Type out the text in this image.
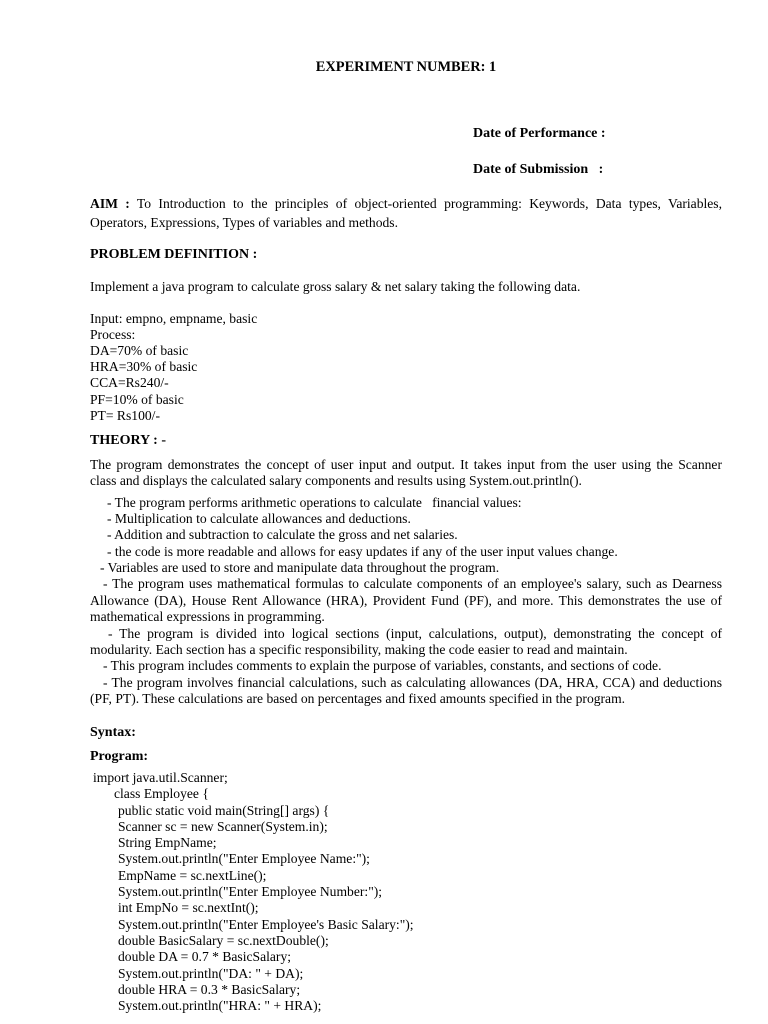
EXPERIMENT NUMBER: 1
Date of Performance :
Date of Submission   :
AIM : To Introduction to the principles of object-oriented programming: Keywords, Data types, Variables,
Operators, Expressions, Types of variables and methods.
PROBLEM DEFINITION :
Implement a java program to calculate gross salary & net salary taking the following data.
Input: empno, empname, basic
Process:
DA=70% of basic
HRA=30% of basic
CCA=Rs240/-
PF=10% of basic
PT= Rs100/-
THEORY : -
The program demonstrates the concept of user input and output. It takes input from the user using the Scanner
class and displays the calculated salary components and results using System.out.println().
- The program performs arithmetic operations to calculate   financial values:
- Multiplication to calculate allowances and deductions.
- Addition and subtraction to calculate the gross and net salaries.
- the code is more readable and allows for easy updates if any of the user input values change.
- Variables are used to store and manipulate data throughout the program.
- The program uses mathematical formulas to calculate components of an employee's salary, such as Dearness
Allowance (DA), House Rent Allowance (HRA), Provident Fund (PF), and more. This demonstrates the use of
mathematical expressions in programming.
- The program is divided into logical sections (input, calculations, output), demonstrating the concept of
modularity. Each section has a specific responsibility, making the code easier to read and maintain.
- This program includes comments to explain the purpose of variables, constants, and sections of code.
- The program involves financial calculations, such as calculating allowances (DA, HRA, CCA) and deductions
(PF, PT). These calculations are based on percentages and fixed amounts specified in the program.
Syntax:
Program:
import java.util.Scanner;
class Employee {
public static void main(String[] args) {
Scanner sc = new Scanner(System.in);
String EmpName;
System.out.println("Enter Employee Name:");
EmpName = sc.nextLine();
System.out.println("Enter Employee Number:");
int EmpNo = sc.nextInt();
System.out.println("Enter Employee's Basic Salary:");
double BasicSalary = sc.nextDouble();
double DA = 0.7 * BasicSalary;
System.out.println("DA: " + DA);
double HRA = 0.3 * BasicSalary;
System.out.println("HRA: " + HRA);
